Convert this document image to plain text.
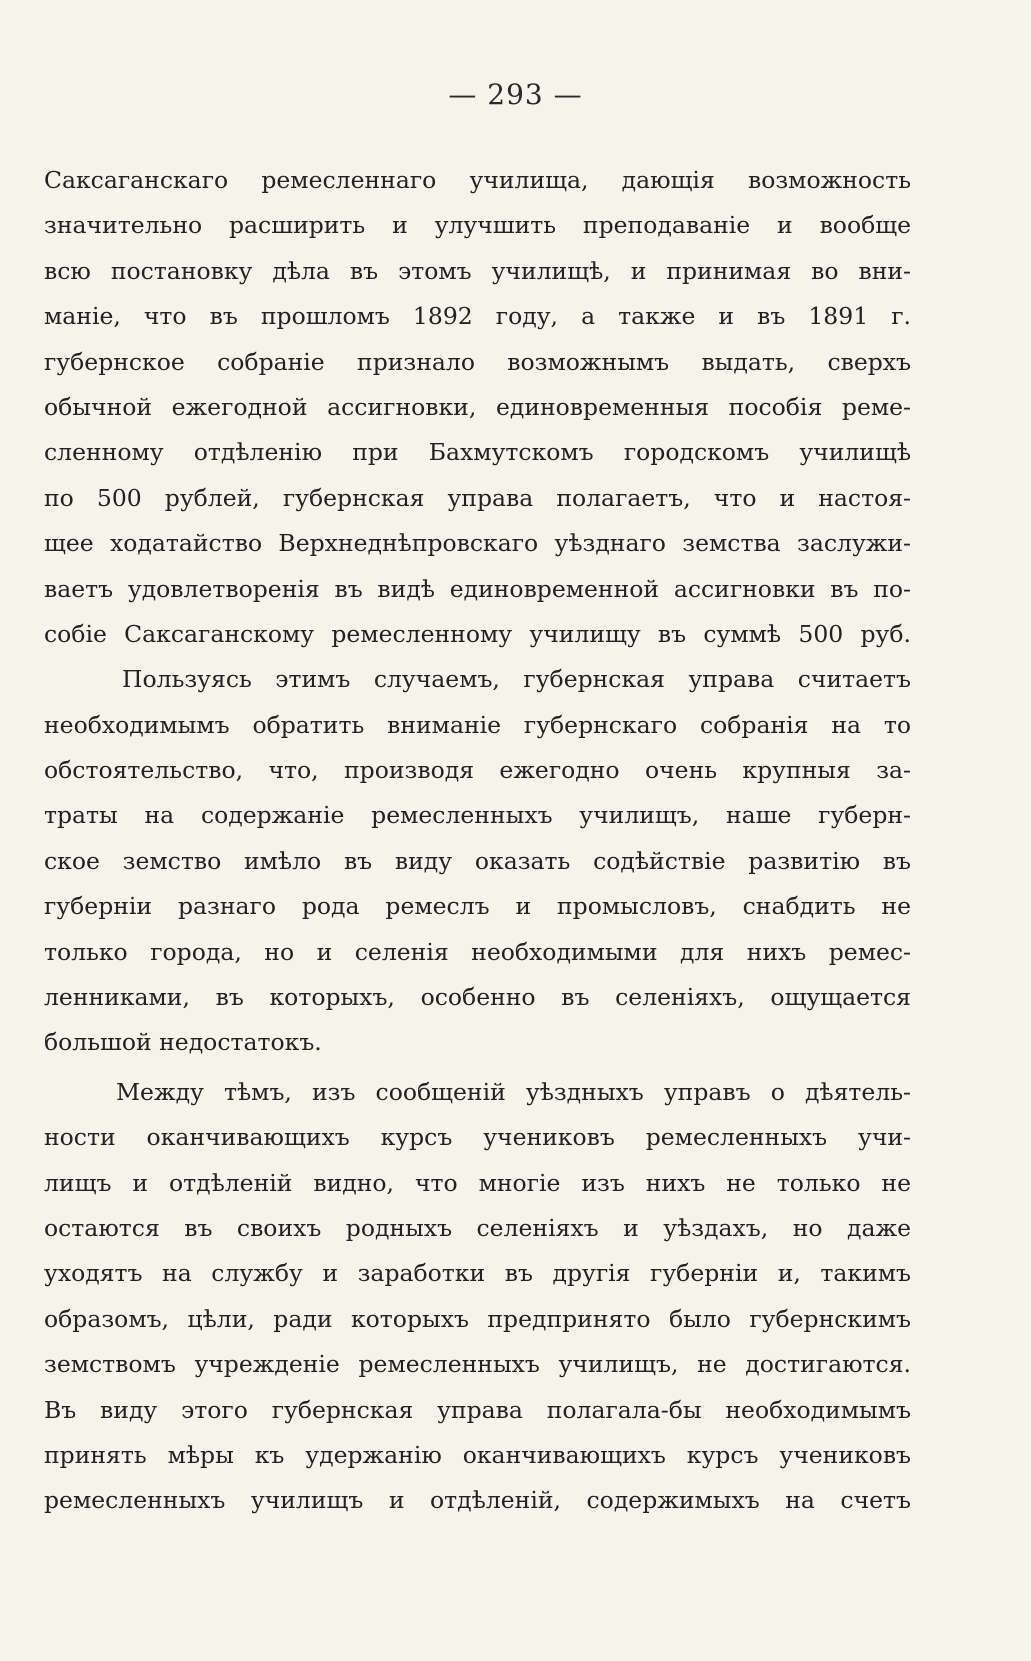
— 293 —
Саксаганскаго ремесленнаго училища, дающія возможность
значительно расширить и улучшить преподаваніе и вообще
всю постановку дѣла въ этомъ училищѣ, и принимая во вни-
маніе, что въ прошломъ 1892 году, а также и въ 1891 г.
губернское собраніе признало возможнымъ выдать, сверхъ
обычной ежегодной ассигновки, единовременныя пособія реме-
сленному отдѣленію при Бахмутскомъ городскомъ училищѣ
по 500 рублей, губернская управа полагаетъ, что и настоя-
щее ходатайство Верхнеднѣпровскаго уѣзднаго земства заслужи-
ваетъ удовлетворенія въ видѣ единовременной ассигновки въ по-
собіе Саксаганскому ремесленному училищу въ суммѣ 500 руб.
Пользуясь этимъ случаемъ, губернская управа считаетъ
необходимымъ обратить вниманіе губернскаго собранія на то
обстоятельство, что, производя ежегодно очень крупныя за-
траты на содержаніе ремесленныхъ училищъ, наше губерн-
ское земство имѣло въ виду оказать содѣйствіе развитію въ
губерніи разнаго рода ремеслъ и промысловъ, снабдить не
только города, но и селенія необходимыми для нихъ ремес-
ленниками, въ которыхъ, особенно въ селеніяхъ, ощущается
большой недостатокъ.
Между тѣмъ, изъ сообщеній уѣздныхъ управъ о дѣятель-
ности оканчивающихъ курсъ учениковъ ремесленныхъ учи-
лищъ и отдѣленій видно, что многіе изъ нихъ не только не
остаются въ своихъ родныхъ селеніяхъ и уѣздахъ, но даже
уходятъ на службу и заработки въ другія губерніи и, такимъ
образомъ, цѣли, ради которыхъ предпринято было губернскимъ
земствомъ учрежденіе ремесленныхъ училищъ, не достигаются.
Въ виду этого губернская управа полагала-бы необходимымъ
принять мѣры къ удержанію оканчивающихъ курсъ учениковъ
ремесленныхъ училищъ и отдѣленій, содержимыхъ на счетъ
